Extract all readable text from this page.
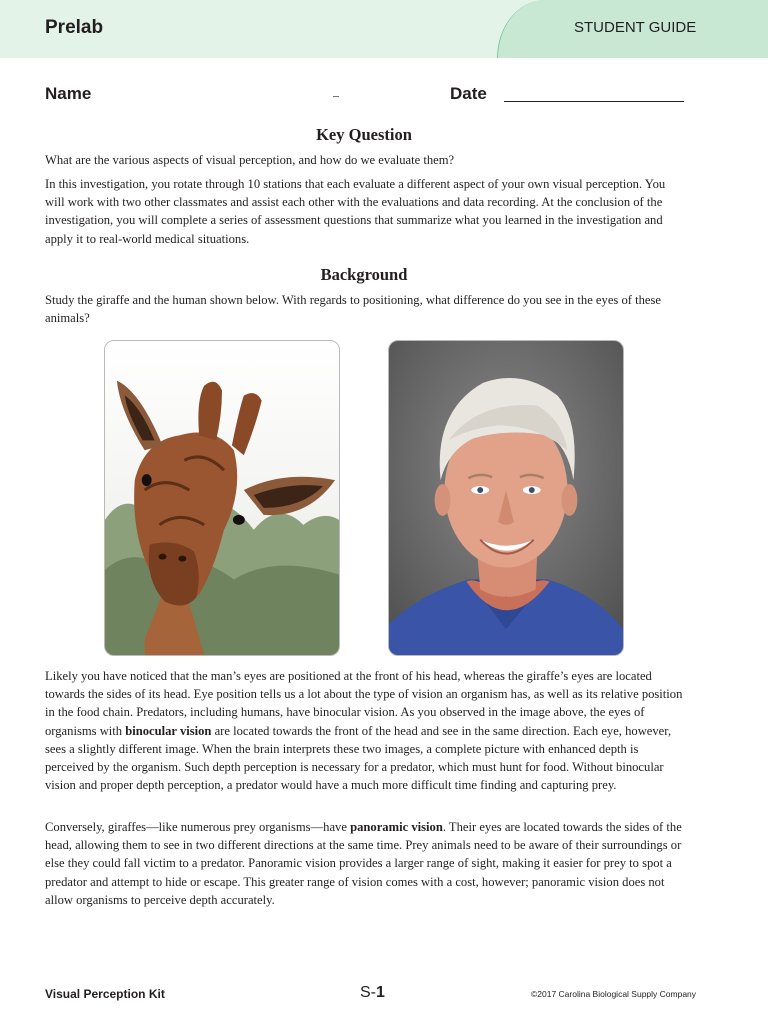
Prelab	STUDENT GUIDE
Name	Date
Key Question

What are the various aspects of visual perception, and how do we evaluate them?

In this investigation, you rotate through 10 stations that each evaluate a different aspect of your own visual perception. You will work with two other classmates and assist each other with the evaluations and data recording. At the conclusion of the investigation, you will complete a series of assessment questions that summarize what you learned in the investigation and apply it to real-world medical situations.

Background

Study the giraffe and the human shown below. With regards to positioning, what difference do you see in the eyes of these animals?

Likely you have noticed that the man’s eyes are positioned at the front of his head, whereas the giraffe’s eyes are located towards the sides of its head. Eye position tells us a lot about the type of vision an organism has, as well as its relative position in the food chain. Predators, including humans, have binocular vision. As you observed in the image above, the eyes of organisms with binocular vision are located towards the front of the head and see in the same direction. Each eye, however, sees a slightly different image. When the brain interprets these two images, a complete picture with enhanced depth is perceived by the organism. Such depth perception is necessary for a predator, which must hunt for food. Without binocular vision and proper depth perception, a predator would have a much more difficult time finding and capturing prey.

Conversely, giraffes—like numerous prey organisms—have panoramic vision. Their eyes are located towards the sides of the head, allowing them to see in two different directions at the same time. Prey animals need to be aware of their surroundings or else they could fall victim to a predator. Panoramic vision provides a larger range of sight, making it easier for prey to spot a predator and attempt to hide or escape. This greater range of vision comes with a cost, however; panoramic vision does not allow organisms to perceive depth accurately.

Visual Perception Kit	S-1	©2017 Carolina Biological Supply Company
